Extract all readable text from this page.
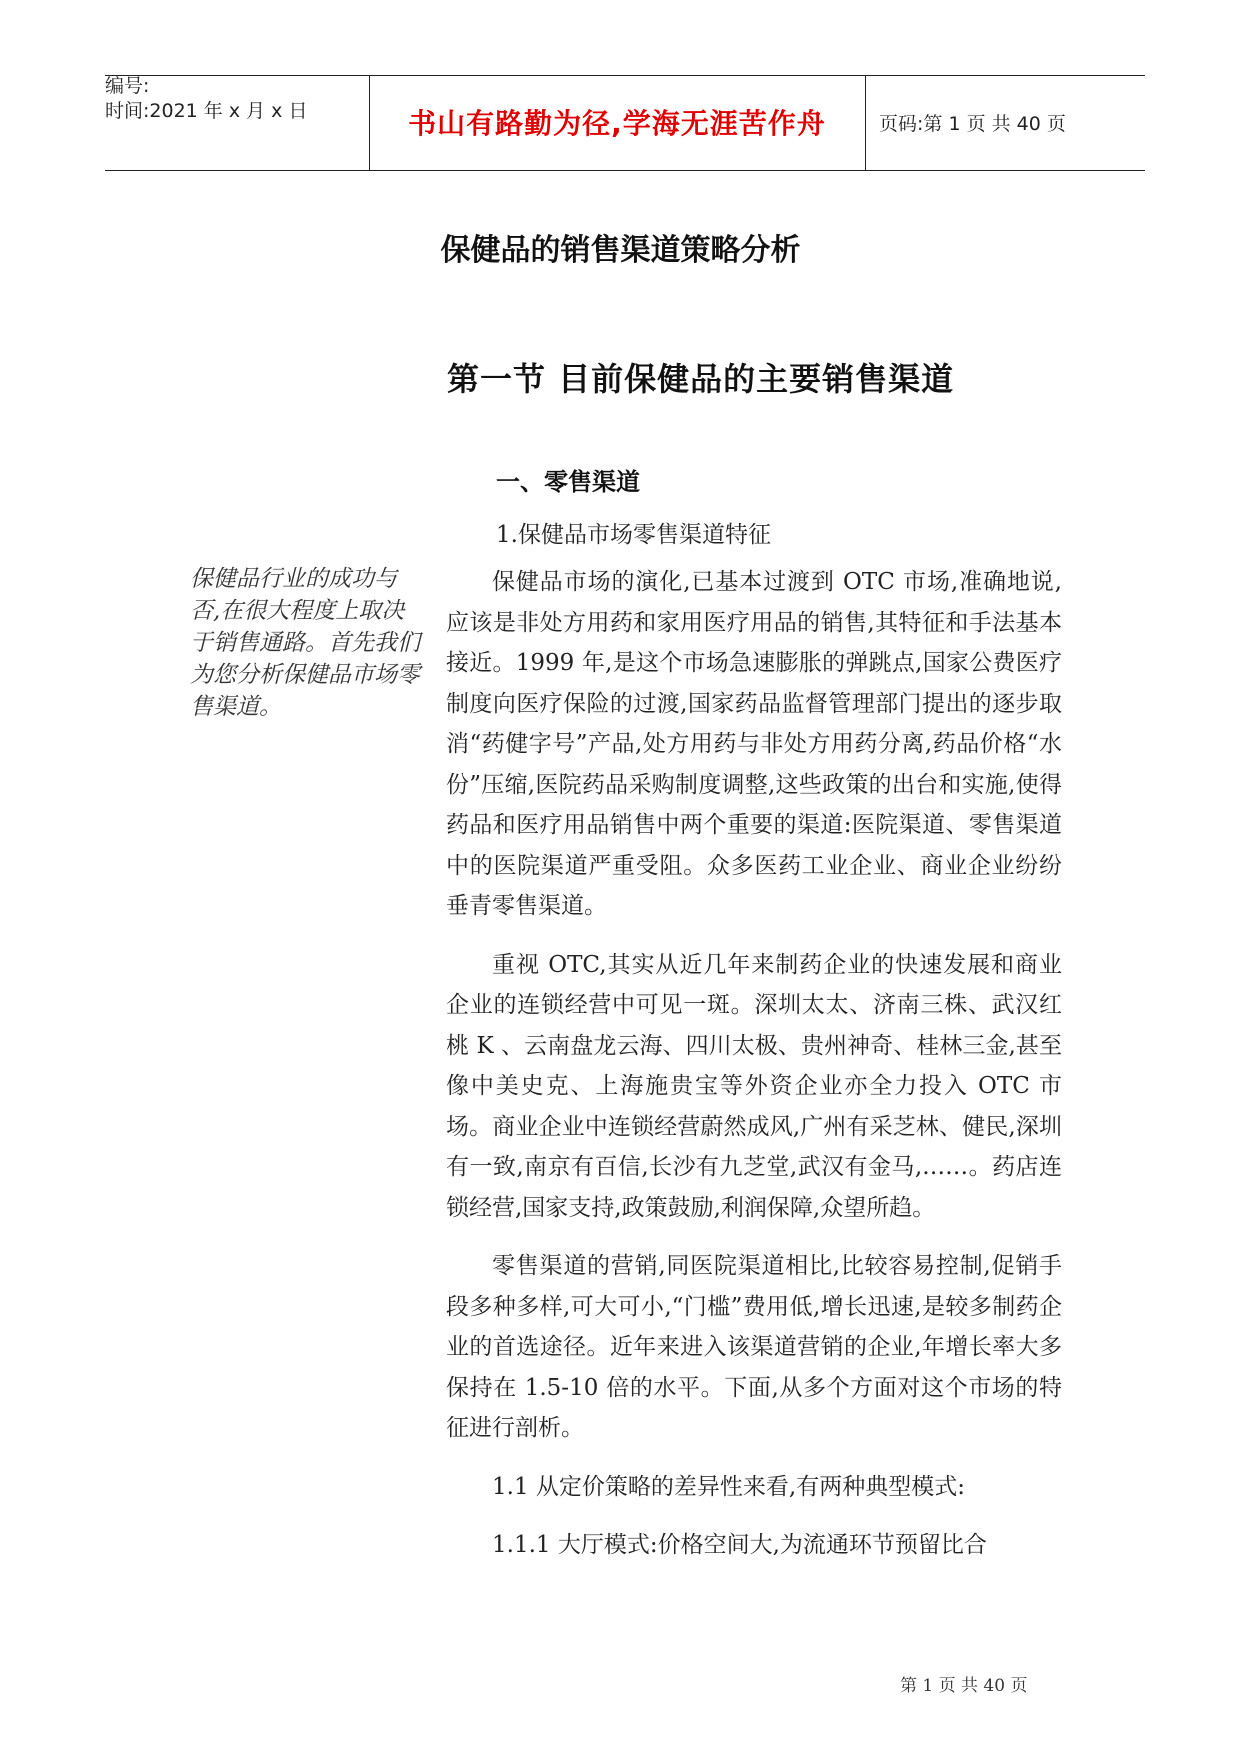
编号:
时间:2021 年 x 月 x 日	书山有路勤为径,学海无涯苦作舟	页码:第 1 页 共 40 页
保健品的销售渠道策略分析
第一节 目前保健品的主要销售渠道
一、零售渠道
1.保健品市场零售渠道特征
保健品行业的成功与否,在很大程度上取决于销售通路。首先我们为您分析保健品市场零售渠道。

保健品市场的演化,已基本过渡到 OTC 市场,准确地说,应该是非处方用药和家用医疗用品的销售,其特征和手法基本接近。1999 年,是这个市场急速膨胀的弹跳点,国家公费医疗制度向医疗保险的过渡,国家药品监督管理部门提出的逐步取消“药健字号”产品,处方用药与非处方用药分离,药品价格“水份”压缩,医院药品采购制度调整,这些政策的出台和实施,使得药品和医疗用品销售中两个重要的渠道:医院渠道、零售渠道中的医院渠道严重受阻。众多医药工业企业、商业企业纷纷垂青零售渠道。

重视 OTC,其实从近几年来制药企业的快速发展和商业企业的连锁经营中可见一斑。深圳太太、济南三株、武汉红桃 K 、云南盘龙云海、四川太极、贵州神奇、桂林三金,甚至像中美史克、上海施贵宝等外资企业亦全力投入 OTC 市场。商业企业中连锁经营蔚然成风,广州有采芝林、健民,深圳有一致,南京有百信,长沙有九芝堂,武汉有金马,……。药店连锁经营,国家支持,政策鼓励,利润保障,众望所趋。

零售渠道的营销,同医院渠道相比,比较容易控制,促销手段多种多样,可大可小,“门槛”费用低,增长迅速,是较多制药企业的首选途径。近年来进入该渠道营销的企业,年增长率大多保持在 1.5-10 倍的水平。下面,从多个方面对这个市场的特征进行剖析。

1.1 从定价策略的差异性来看,有两种典型模式:

1.1.1 大厅模式:价格空间大,为流通环节预留比合

第 1 页 共 40 页
